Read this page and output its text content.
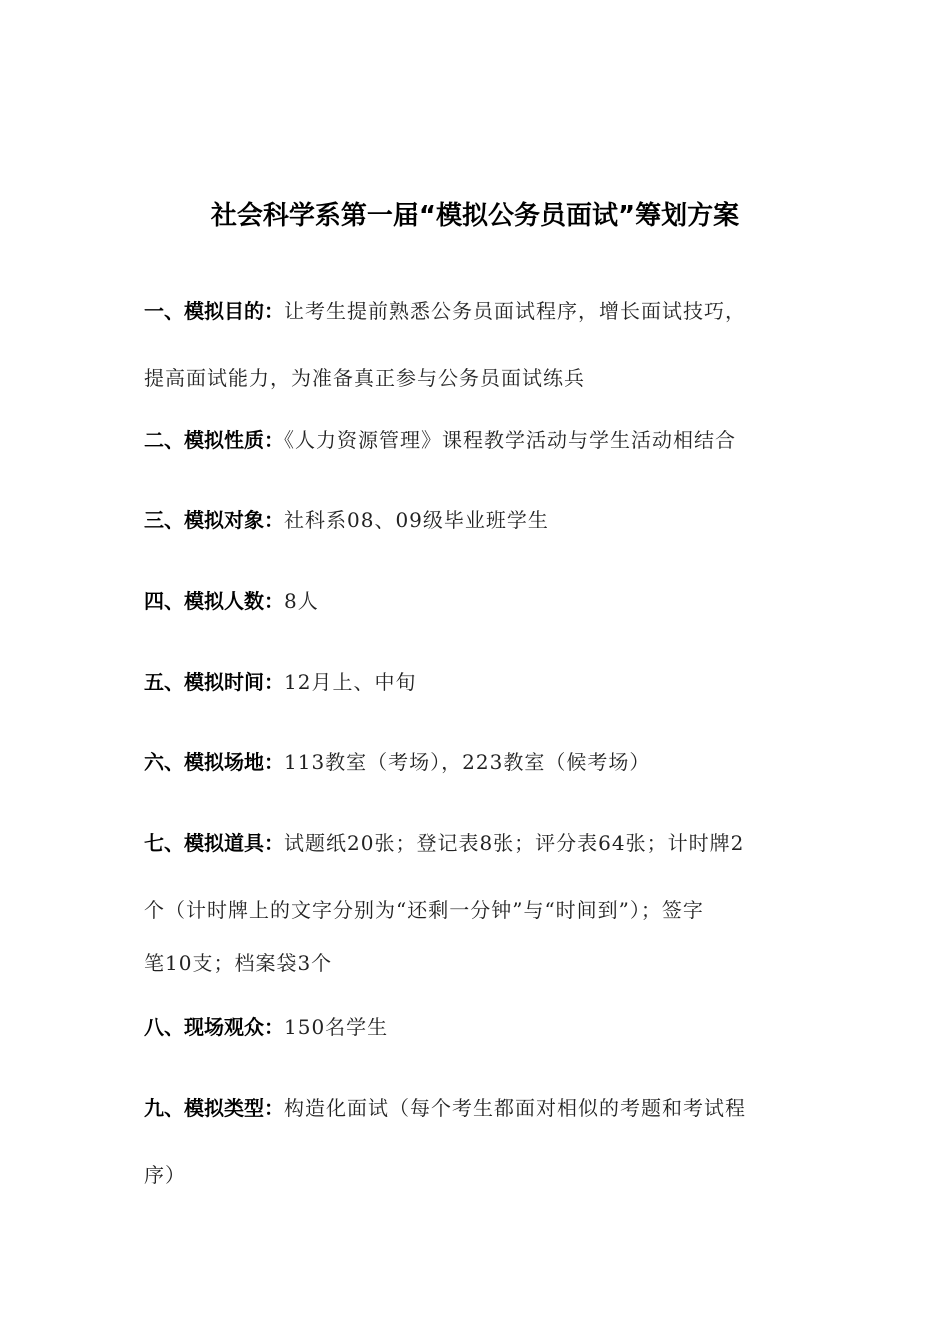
社会科学系第一届“模拟公务员面试”筹划方案
一、模拟目的：让考生提前熟悉公务员面试程序，增长面试技巧，
提高面试能力，为准备真正参与公务员面试练兵
二、模拟性质：《人力资源管理》课程教学活动与学生活动相结合
三、模拟对象：社科系08、09级毕业班学生
四、模拟人数：8人
五、模拟时间：12月上、中旬
六、模拟场地：113教室（考场），223教室（候考场）
七、模拟道具：试题纸20张；登记表8张；评分表64张；计时牌2
个（计时牌上的文字分别为“还剩一分钟”与“时间到”）；签字
笔10支；档案袋3个
八、现场观众：150名学生
九、模拟类型：构造化面试（每个考生都面对相似的考题和考试程
序）
